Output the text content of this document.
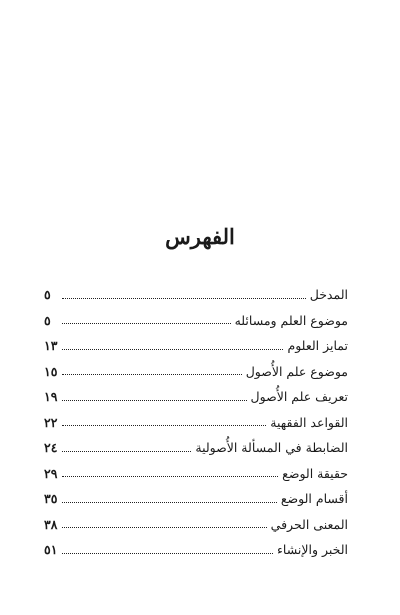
الفهرس
المدخل
٥
موضوع العلم ومسائله
٥
تمايز العلوم
١٣
موضوع علم الأُصول
١٥
تعريف علم الأُصول
١٩
القواعد الفقهية
٢٢
الضابطة في المسألة الأُصولية
٢٤
حقيقة الوضع
٢٩
أقسام الوضع
٣٥
المعنى الحرفي
٣٨
الخبر والإنشاء
٥١
